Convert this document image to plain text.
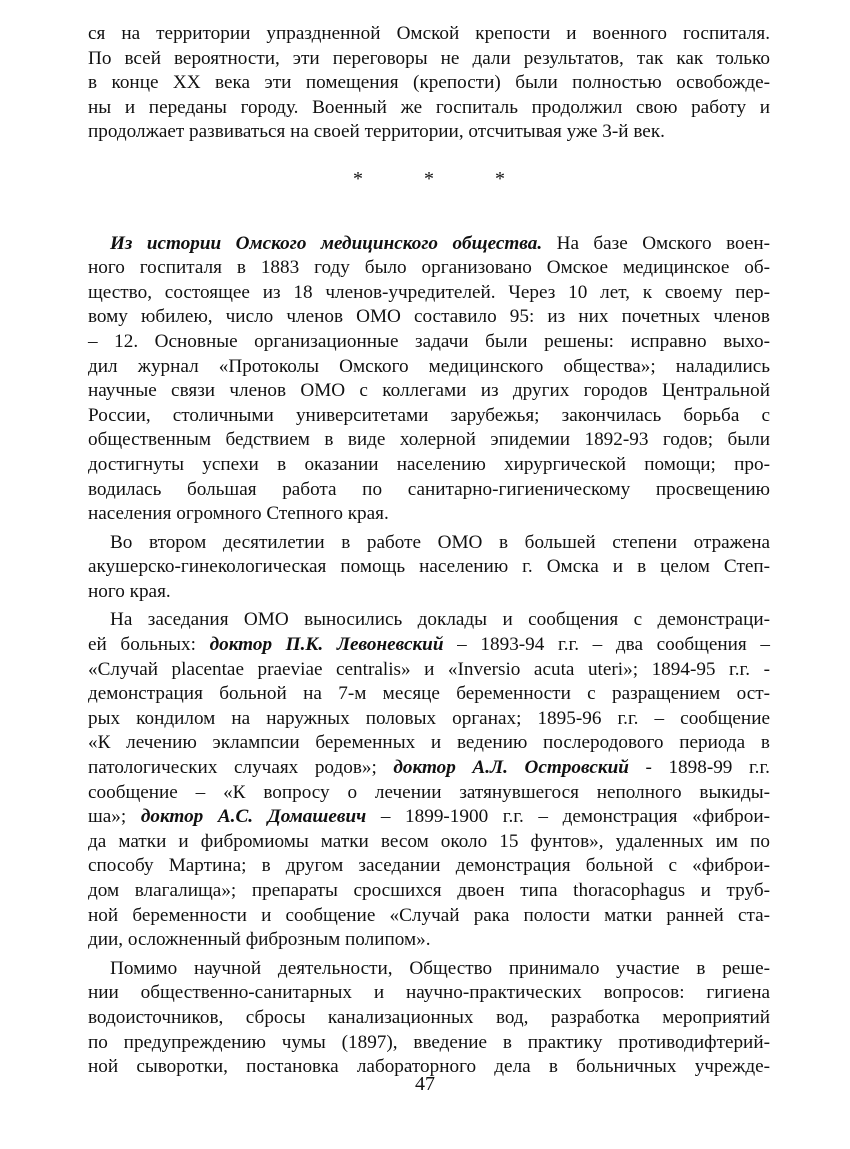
ся на территории упраздненной Омской крепости и военного госпиталя.
По всей вероятности, эти переговоры не дали результатов, так как только
в конце XX века эти помещения (крепости) были полностью освобожде-
ны и переданы городу. Военный же госпиталь продолжил свою работу и
продолжает развиваться на своей территории, отсчитывая уже 3-й век.
* * *
Из истории Омского медицинского общества. На базе Омского воен-
ного госпиталя в 1883 году было организовано Омское медицинское об-
щество, состоящее из 18 членов-учредителей. Через 10 лет, к своему пер-
вому юбилею, число членов ОМО составило 95: из них почетных членов
– 12. Основные организационные задачи были решены: исправно выхо-
дил журнал «Протоколы Омского медицинского общества»; наладились
научные связи членов ОМО с коллегами из других городов Центральной
России, столичными университетами зарубежья; закончилась борьба с
общественным бедствием в виде холерной эпидемии 1892-93 годов; были
достигнуты успехи в оказании населению хирургической помощи; про-
водилась большая работа по санитарно-гигиеническому просвещению
населения огромного Степного края.
Во втором десятилетии в работе ОМО в большей степени отражена
акушерско-гинекологическая помощь населению г. Омска и в целом Степ-
ного края.
На заседания ОМО выносились доклады и сообщения с демонстраци-
ей больных: доктор П.К. Левоневский – 1893-94 г.г. – два сообщения –
«Случай placentae praeviae centralis» и «Inversio acuta uteri»; 1894-95 г.г. -
демонстрация больной на 7-м месяце беременности с разращением ост-
рых кондилом на наружных половых органах; 1895-96 г.г. – сообщение
«К лечению эклампсии беременных и ведению послеродового периода в
патологических случаях родов»; доктор А.Л. Островский - 1898-99 г.г.
сообщение – «К вопросу о лечении затянувшегося неполного выкиды-
ша»; доктор А.С. Домашевич – 1899-1900 г.г. – демонстрация «фиброи-
да матки и фибромиомы матки весом около 15 фунтов», удаленных им по
способу Мартина; в другом заседании демонстрация больной с «фиброи-
дом влагалища»; препараты сросшихся двоен типа thoracophagus и труб-
ной беременности и сообщение «Случай рака полости матки ранней ста-
дии, осложненный фиброзным полипом».
Помимо научной деятельности, Общество принимало участие в реше-
нии общественно-санитарных и научно-практических вопросов: гигиена
водоисточников, сбросы канализационных вод, разработка мероприятий
по предупреждению чумы (1897), введение в практику противодифтерий-
ной сыворотки, постановка лабораторного дела в больничных учрежде-
47
